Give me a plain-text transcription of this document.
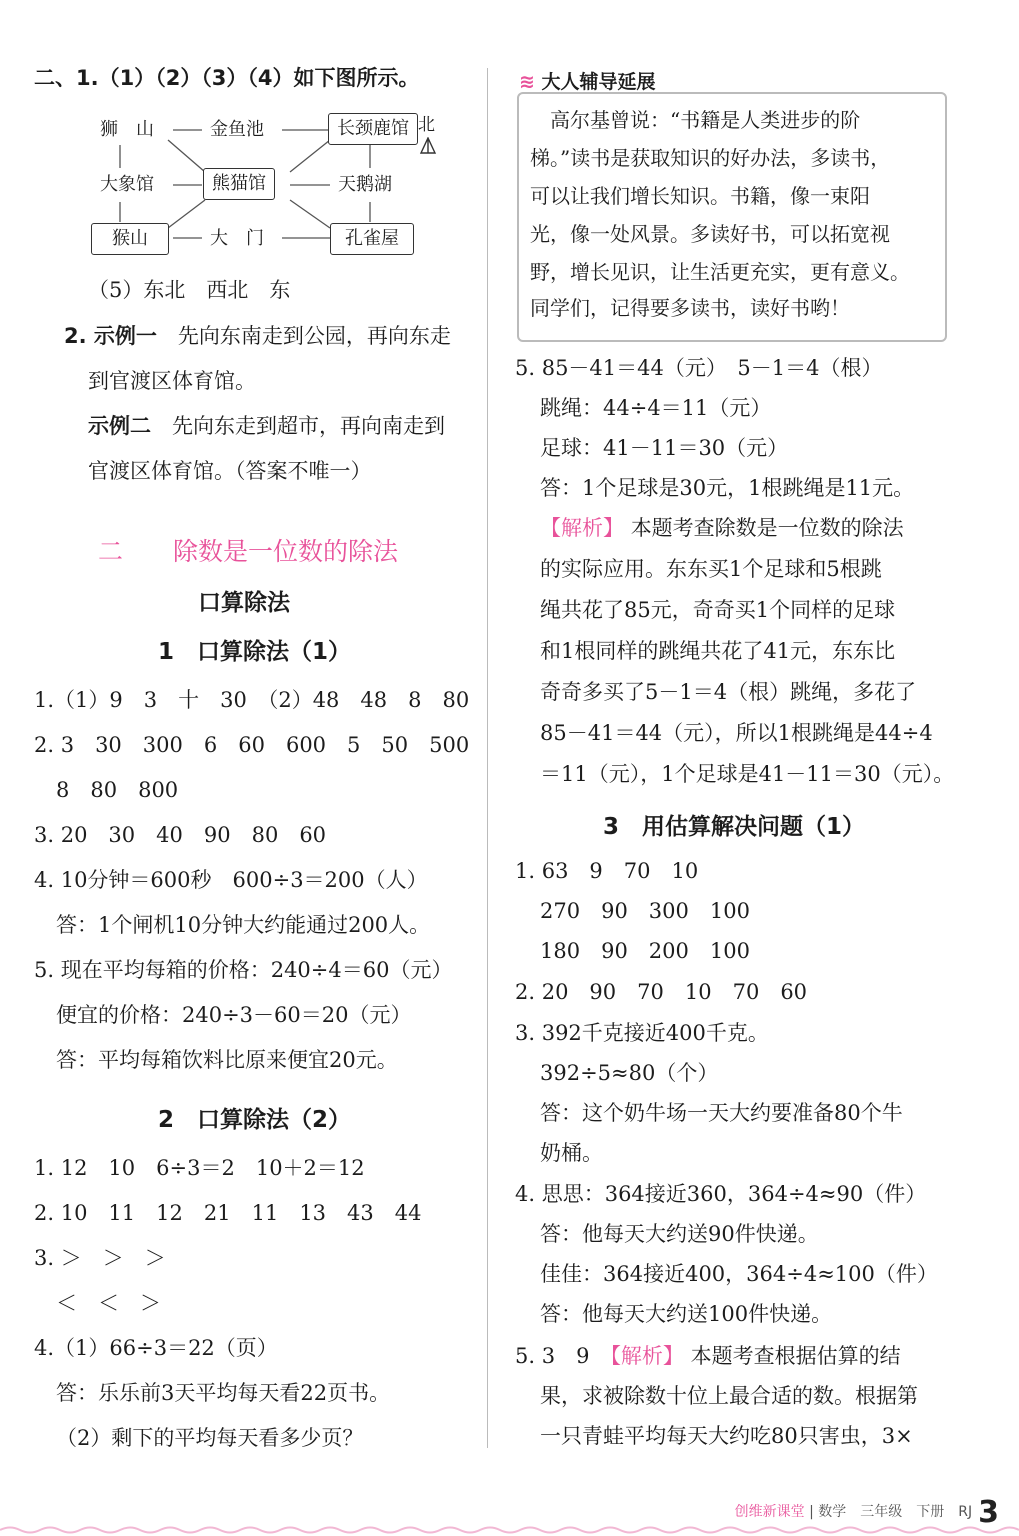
二、1.（1）（2）（3）（4）如下图所示。
狮　山	金鱼池	长颈鹿馆 北
大象馆	熊猫馆	天鹅湖
猴山	大　门	孔雀屋
（5）东北　西北　东
2. 示例一　 先向东南走到公园，再向东走
到官渡区体育馆。
示例二　 先向东走到超市，再向南走到
官渡区体育馆。（答案不唯一）
二　　 除数是一位数的除法
口算除法
1　 口算除法（1）
1.（1）9　3　十　30　（2）48　48　8　80
2. 3　30　300　6　60　600　5　50　500
8　80　800
3. 20　30　40　90　80　60
4. 10分钟＝600秒　600÷3＝200（人）
答：1个闸机10分钟大约能通过200人。
5. 现在平均每箱的价格：240÷4＝60（元）
便宜的价格：240÷3－60＝20（元）
答：平均每箱饮料比原来便宜20元。
2　 口算除法（2）
1. 12　10　6÷3＝2　10＋2＝12
2. 10　11　12　21　11　13　43　44
3. ＞　＞　＞
＜　＜　＞
4.（1）66÷3＝22（页）
答：乐乐前3天平均每天看22页书。
（2）剩下的平均每天看多少页？
≋ 大人辅导延展
　高尔基曾说：“书籍是人类进步的阶
梯。”读书是获取知识的好办法，多读书，
可以让我们增长知识。书籍，像一束阳
光，像一处风景。多读好书，可以拓宽视
野，增长见识，让生活更充实，更有意义。
同学们，记得要多读书，读好书哟！
5. 85－41＝44（元）　5－1＝4（根）
跳绳：44÷4＝11（元）
足球：41－11＝30（元）
答：1个足球是30元，1根跳绳是11元。
【解析】 本题考查除数是一位数的除法
的实际应用。东东买1个足球和5根跳
绳共花了85元，奇奇买1个同样的足球
和1根同样的跳绳共花了41元，东东比
奇奇多买了5－1＝4（根）跳绳，多花了
85－41＝44（元），所以1根跳绳是44÷4
＝11（元），1个足球是41－11＝30（元）。
3　 用估算解决问题（1）
1. 63　9　70　10
270　90　300　100
180　90　200　100
2. 20　90　70　10　70　60
3. 392千克接近400千克。
392÷5≈80（个）
答：这个奶牛场一天大约要准备80个牛
奶桶。
4. 思思：364接近360，364÷4≈90（件）
答：他每天大约送90件快递。
佳佳：364接近400，364÷4≈100（件）
答：他每天大约送100件快递。
5. 3　9　 【解析】 本题考查根据估算的结
果，求被除数十位上最合适的数。根据第
一只青蛙平均每天大约吃80只害虫，3×
创维新课堂 | 数学　三年级　下册　RJ 3
